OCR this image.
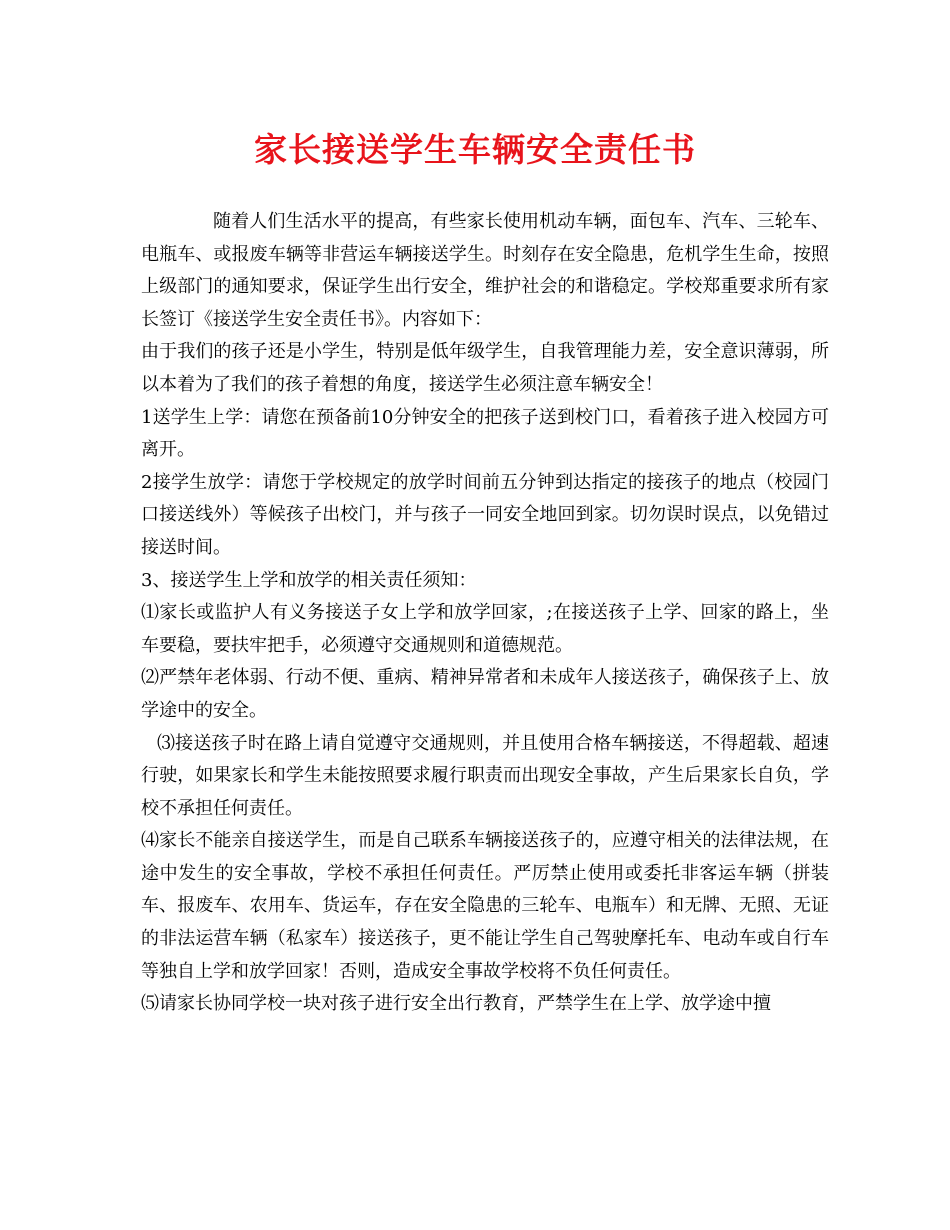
家长接送学生车辆安全责任书

随着人们生活水平的提高，有些家长使用机动车辆，面包车、汽车、三轮车、电瓶车、或报废车辆等非营运车辆接送学生。时刻存在安全隐患，危机学生生命，按照上级部门的通知要求，保证学生出行安全，维护社会的和谐稳定。学校郑重要求所有家长签订《接送学生安全责任书》。内容如下：

由于我们的孩子还是小学生，特别是低年级学生，自我管理能力差，安全意识薄弱，所以本着为了我们的孩子着想的角度，接送学生必须注意车辆安全！

1送学生上学：请您在预备前10分钟安全的把孩子送到校门口，看着孩子进入校园方可离开。

2接学生放学：请您于学校规定的放学时间前五分钟到达指定的接孩子的地点（校园门口接送线外）等候孩子出校门，并与孩子一同安全地回到家。切勿误时误点，以免错过接送时间。

3、接送学生上学和放学的相关责任须知：

⑴家长或监护人有义务接送子女上学和放学回家，;在接送孩子上学、回家的路上，坐车要稳，要扶牢把手，必须遵守交通规则和道德规范。

⑵严禁年老体弱、行动不便、重病、精神异常者和未成年人接送孩子，确保孩子上、放学途中的安全。

⑶接送孩子时在路上请自觉遵守交通规则，并且使用合格车辆接送，不得超载、超速行驶，如果家长和学生未能按照要求履行职责而出现安全事故，产生后果家长自负，学校不承担任何责任。

⑷家长不能亲自接送学生，而是自己联系车辆接送孩子的，应遵守相关的法律法规，在途中发生的安全事故，学校不承担任何责任。严厉禁止使用或委托非客运车辆（拼装车、报废车、农用车、货运车，存在安全隐患的三轮车、电瓶车）和无牌、无照、无证的非法运营车辆（私家车）接送孩子，更不能让学生自己驾驶摩托车、电动车或自行车等独自上学和放学回家！否则，造成安全事故学校将不负任何责任。

⑸请家长协同学校一块对孩子进行安全出行教育，严禁学生在上学、放学途中擅
